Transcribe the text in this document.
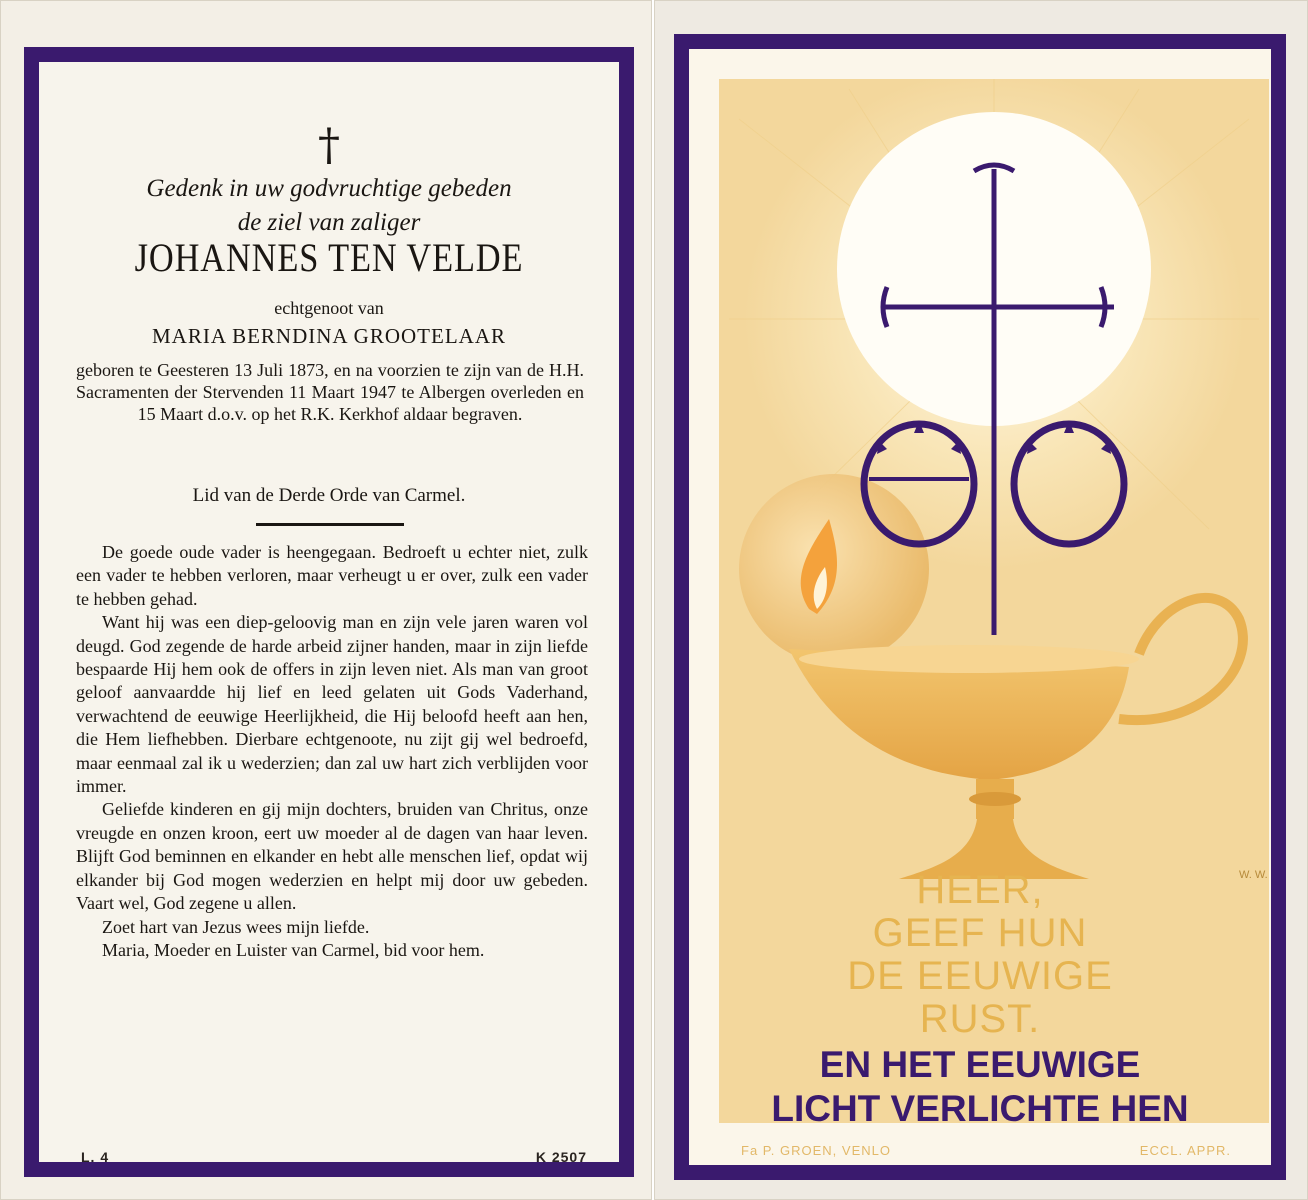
†
Gedenk in uw godvruchtige gebeden
de ziel van zaliger
JOHANNES TEN VELDE
echtgenoot van
MARIA BERNDINA GROOTELAAR
geboren te Geesteren 13 Juli 1873, en na voorzien te zijn van de H.H. Sacramenten der Stervenden 11 Maart 1947 te Albergen overleden en 15 Maart d.o.v. op het R.K. Kerkhof aldaar begraven.
Lid van de Derde Orde van Carmel.

De goede oude vader is heengegaan. Bedroeft u echter niet, zulk een vader te hebben verloren, maar verheugt u er over, zulk een vader te hebben gehad.

Want hij was een diep-geloovig man en zijn vele jaren waren vol deugd. God zegende de harde arbeid zijner handen, maar in zijn liefde bespaarde Hij hem ook de offers in zijn leven niet. Als man van groot geloof aanvaardde hij lief en leed gelaten uit Gods Vaderhand, verwachtend de eeuwige Heerlijkheid, die Hij beloofd heeft aan hen, die Hem liefhebben. Dierbare echtgenoote, nu zijt gij wel bedroefd, maar eenmaal zal ik u wederzien; dan zal uw hart zich verblijden voor immer.

Geliefde kinderen en gij mijn dochters, bruiden van Chritus, onze vreugde en onzen kroon, eert uw moeder al de dagen van haar leven. Blijft God beminnen en elkander en hebt alle menschen lief, opdat wij elkander bij God mogen wederzien en helpt mij door uw gebeden. Vaart wel, God zegene u allen.

Zoet hart van Jezus wees mijn liefde.

Maria, Moeder en Luister van Carmel, bid voor hem.

L. 4	K 2507
W. W.
HEER,
GEEF HUN
DE EEUWIGE
RUST.
EN HET EEUWIGE
LICHT VERLICHTE HEN
Fa P. GROEN, VENLO	ECCL. APPR.
